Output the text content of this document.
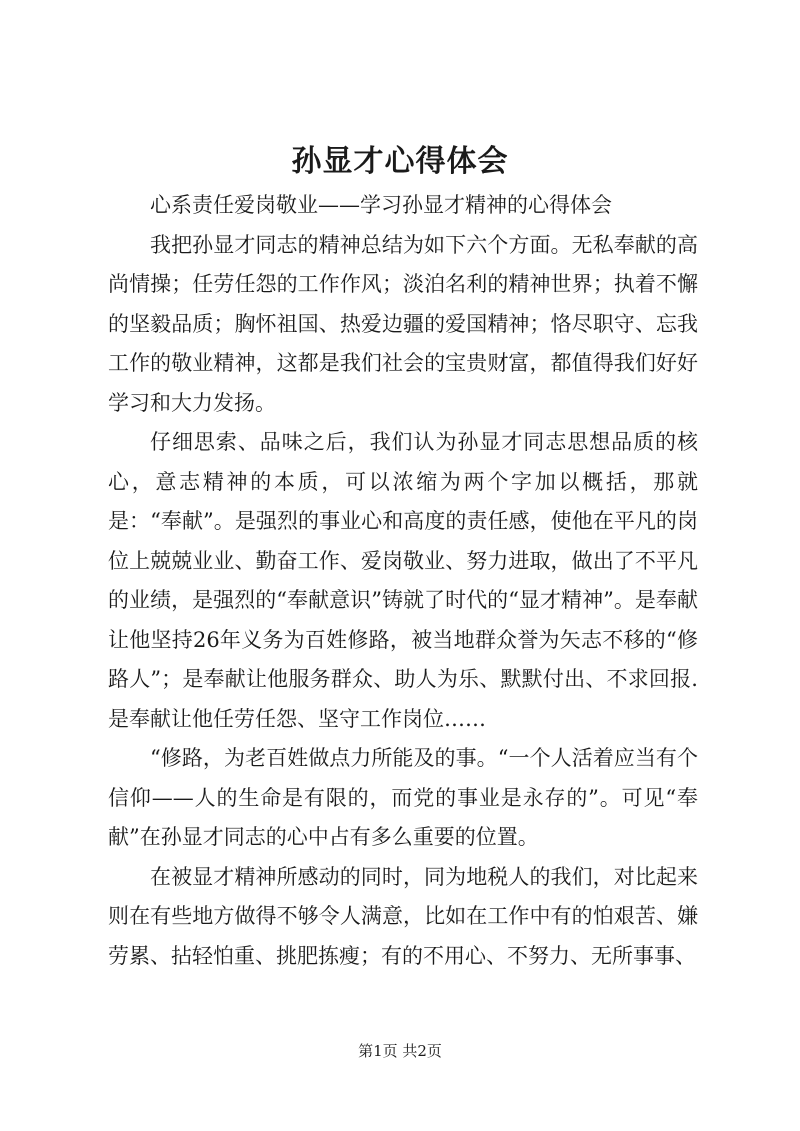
孙显才心得体会

心系责任爱岗敬业——学习孙显才精神的心得体会

我把孙显才同志的精神总结为如下六个方面。无私奉献的高尚情操；任劳任怨的工作作风；淡泊名利的精神世界；执着不懈的坚毅品质；胸怀祖国、热爱边疆的爱国精神；恪尽职守、忘我工作的敬业精神，这都是我们社会的宝贵财富，都值得我们好好学习和大力发扬。

仔细思索、品味之后，我们认为孙显才同志思想品质的核心，意志精神的本质，可以浓缩为两个字加以概括，那就是：“奉献”。是强烈的事业心和高度的责任感，使他在平凡的岗位上兢兢业业、勤奋工作、爱岗敬业、努力进取，做出了不平凡的业绩，是强烈的“奉献意识”铸就了时代的“显才精神”。是奉献让他坚持26年义务为百姓修路，被当地群众誉为矢志不移的“修路人”；是奉献让他服务群众、助人为乐、默默付出、不求回报.是奉献让他任劳任怨、坚守工作岗位……

“修路，为老百姓做点力所能及的事。“一个人活着应当有个信仰——人的生命是有限的，而党的事业是永存的”。可见“奉献”在孙显才同志的心中占有多么重要的位置。

在被显才精神所感动的同时，同为地税人的我们，对比起来则在有些地方做得不够令人满意，比如在工作中有的怕艰苦、嫌劳累、拈轻怕重、挑肥拣瘦；有的不用心、不努力、无所事事、

第1页 共2页
